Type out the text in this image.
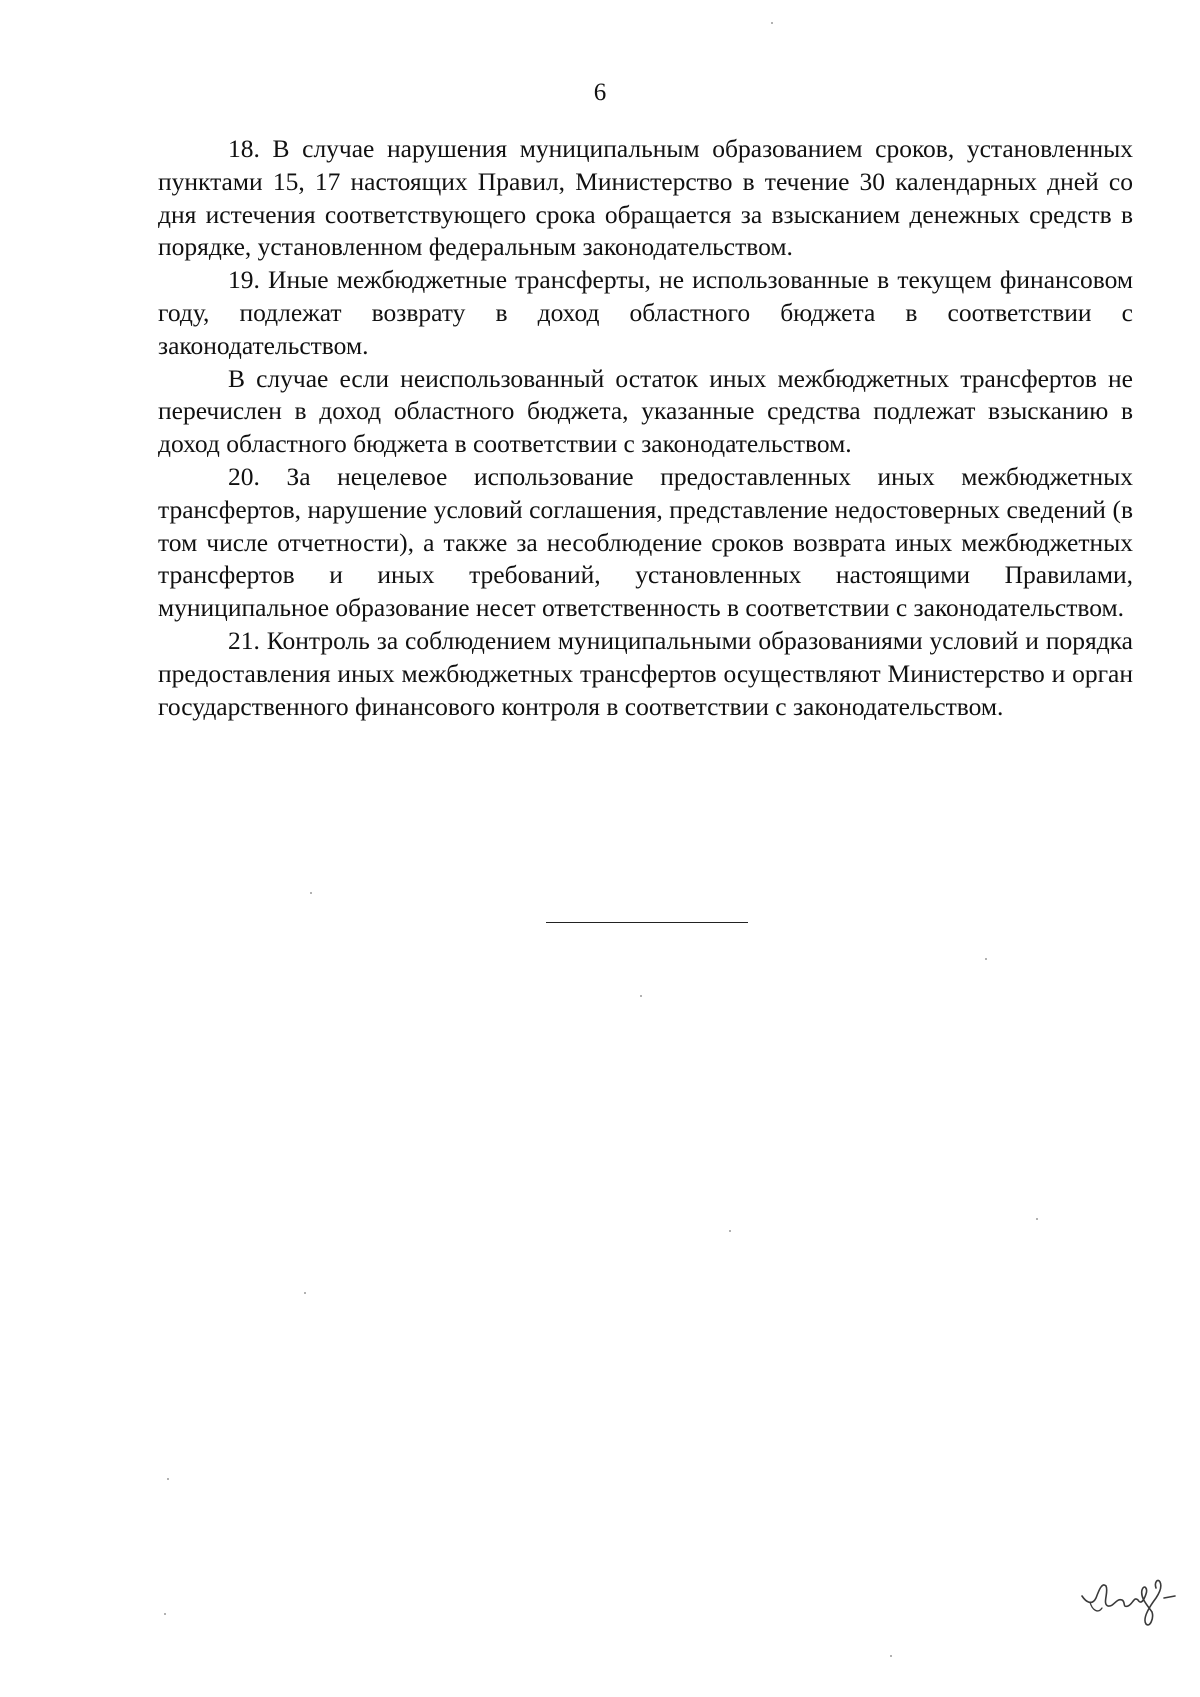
6

18. В случае нарушения муниципальным образованием сроков, установленных пунктами 15, 17 настоящих Правил, Министерство в течение 30 календарных дней со дня истечения соответствующего срока обращается за взысканием денежных средств в порядке, установленном федеральным законодательством.

19. Иные межбюджетные трансферты, не использованные в текущем финансовом году, подлежат возврату в доход областного бюджета в соответствии с законодательством.

В случае если неиспользованный остаток иных межбюджетных трансфертов не перечислен в доход областного бюджета, указанные средства подлежат взысканию в доход областного бюджета в соответствии с законодательством.

20. За нецелевое использование предоставленных иных межбюджетных трансфертов, нарушение условий соглашения, представление недостоверных сведений (в том числе отчетности), а также за несоблюдение сроков возврата иных межбюджетных трансфертов и иных требований, установленных настоящими Правилами, муниципальное образование несет ответственность в соответствии с законодательством.

21. Контроль за соблюдением муниципальными образованиями условий и порядка предоставления иных межбюджетных трансфертов осуществляют Министерство и орган государственного финансового контроля в соответствии с законодательством.
